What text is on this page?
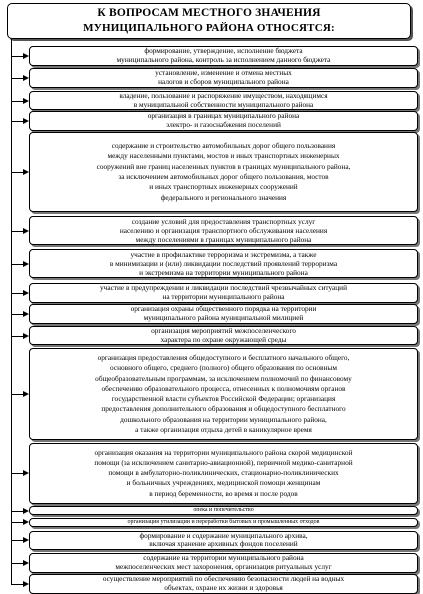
К ВОПРОСАМ МЕСТНОГО ЗНАЧЕНИЯ
МУНИЦИПАЛЬНОГО РАЙОНА ОТНОСЯТСЯ:
формирование, утверждение, исполнение бюджета
муниципального района, контроль за исполнением данного бюджета
установление, изменение и отмена местных
налогов и сборов муниципального района
владение, пользование и распоряжение имуществом, находящимся
в муниципальной собственности муниципального района
организация в границах муниципального района
электро- и газоснабжения поселений
содержание и строительство автомобильных дорог общего пользования
между населенными пунктами, мостов и иных транспортных инженерных
сооружений вне границ населенных пунктов в границах муниципального района,
за исключением автомобильных дорог общего пользования, мостов
и иных транспортных инженерных сооружений
федерального и регионального значения
создание условий для предоставления транспортных услуг
населению и организация транспортного обслуживания населения
между поселениями в границах муниципального района
участие в профилактике терроризма и экстремизма, а также
в минимизации и (или) ликвидации последствий проявлений терроризма
и экстремизма на территории муниципального района
участие в предупреждении и ликвидации последствий чрезвычайных ситуаций
на территории муниципального района
организация охраны общественного порядка на территории
муниципального района муниципальной милицией
организация мероприятий межпоселенческого
характера по охране окружающей среды
организация предоставления общедоступного и бесплатного начального общего,
основного общего, среднего (полного) общего образования по основным
общеобразовательным программам, за исключением полномочий по финансовому
обеспечению образовательного процесса, отнесенных к полномочиям органов
государственной власти субъектов Российской Федерации; организация
предоставления дополнительного образования и общедоступного бесплатного
дошкольного образования на территории муниципального района,
а также организация отдыха детей в каникулярное время
организация оказания на территории муниципального района скорой медицинской
помощи (за исключением санитарно-авиационной), первичной медико-санитарной
помощи в амбулаторно-поликлинических, стационарно-поликлинических
и больничных учреждениях, медицинской помощи женщинам
в период беременности, во время и после родов
опека и попечительство
организация утилизации и переработки бытовых и промышленных отходов
формирование и содержание муниципального архива,
включая хранение архивных фондов поселений
содержание на территории муниципального района
межпоселенческих мест захоронения, организация ритуальных услуг
осуществление мероприятий по обеспечению безопасности людей на водных
объектах, охране их жизни и здоровья
